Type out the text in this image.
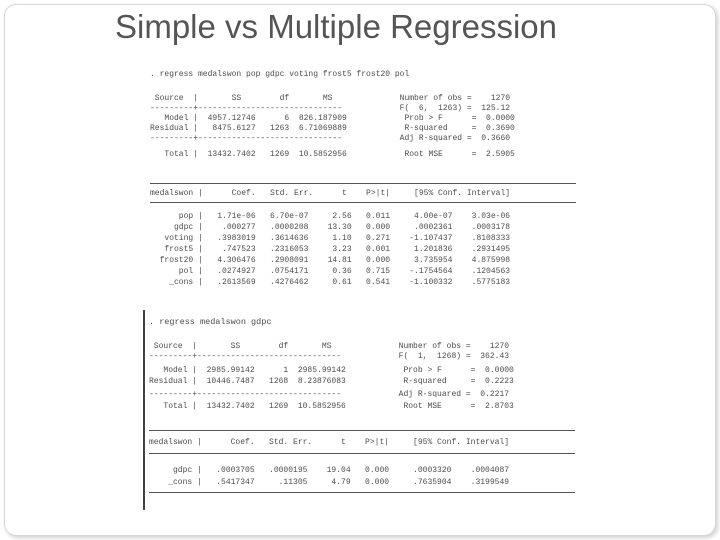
Simple vs Multiple Regression
. regress medalswon pop gdpc voting frost5 frost20 pol
Source  |       SS        df       MS              Number of obs =    1270
---------+------------------------------            F(  6,  1263) =  125.12
Model |  4957.12746      6  826.187909            Prob > F      =  0.0000
Residual |   8475.6127   1263  6.71069889            R-squared     =  0.3690
---------+------------------------------            Adj R-squared =  0.3660
Total |  13432.7402   1269  10.5852956            Root MSE      =  2.5905
medalswon |      Coef.   Std. Err.      t    P>|t|     [95% Conf. Interval]
pop |   1.71e-06   6.70e-07     2.56   0.011     4.00e-07    3.03e-06
gdpc |    .000277   .0000208    13.30   0.000     .0002361    .0003178
voting |   .3983019   .3614636     1.10   0.271    -1.107437    .8108333
frost5 |    .747523   .2316053     3.23   0.001     1.201836    .2931495
frost20 |   4.306476   .2908091    14.81   0.000     3.735954    4.875998
pol |   .0274927   .0754171     0.36   0.715    -.1754564    .1204563
_cons |   .2613569   .4276462     0.61   0.541    -1.100332    .5775183
. regress medalswon gdpc
Source  |       SS        df       MS              Number of obs =    1270
---------+------------------------------            F(  1,  1268) =  362.43
Model |  2985.99142      1  2985.99142            Prob > F      =  0.0000
Residual |  10446.7487   1268  8.23876083            R-squared     =  0.2223
---------+------------------------------            Adj R-squared =  0.2217
Total |  13432.7402   1269  10.5852956            Root MSE      =  2.8703
medalswon |      Coef.   Std. Err.      t    P>|t|     [95% Conf. Interval]
gdpc |   .0003705   .0000195    19.04   0.000     .0003320    .0004087
_cons |   .5417347     .11305     4.79   0.000     .7635904    .3199549
